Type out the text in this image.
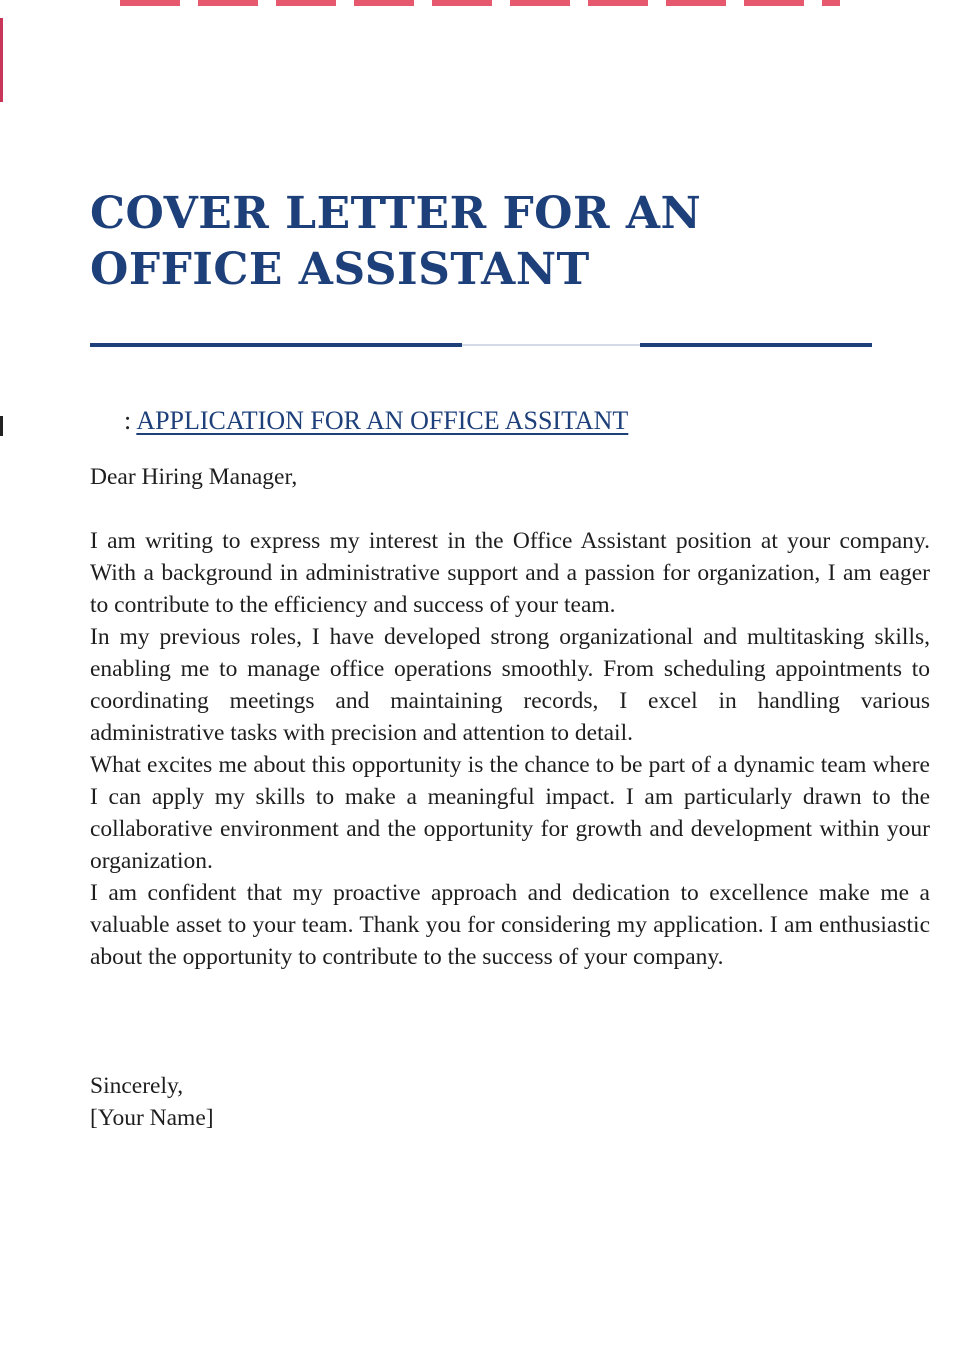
COVER LETTER FOR AN OFFICE ASSISTANT
: APPLICATION FOR AN OFFICE ASSITANT

Dear Hiring Manager,

I am writing to express my interest in the Office Assistant position at your company. With a background in administrative support and a passion for organization, I am eager to contribute to the efficiency and success of your team.

In my previous roles, I have developed strong organizational and multitasking skills, enabling me to manage office operations smoothly. From scheduling appointments to coordinating meetings and maintaining records, I excel in handling various administrative tasks with precision and attention to detail.

What excites me about this opportunity is the chance to be part of a dynamic team where I can apply my skills to make a meaningful impact. I am particularly drawn to the collaborative environment and the opportunity for growth and development within your organization.

I am confident that my proactive approach and dedication to excellence make me a valuable asset to your team. Thank you for considering my application. I am enthusiastic about the opportunity to contribute to the success of your company.

Sincerely,

[Your Name]
